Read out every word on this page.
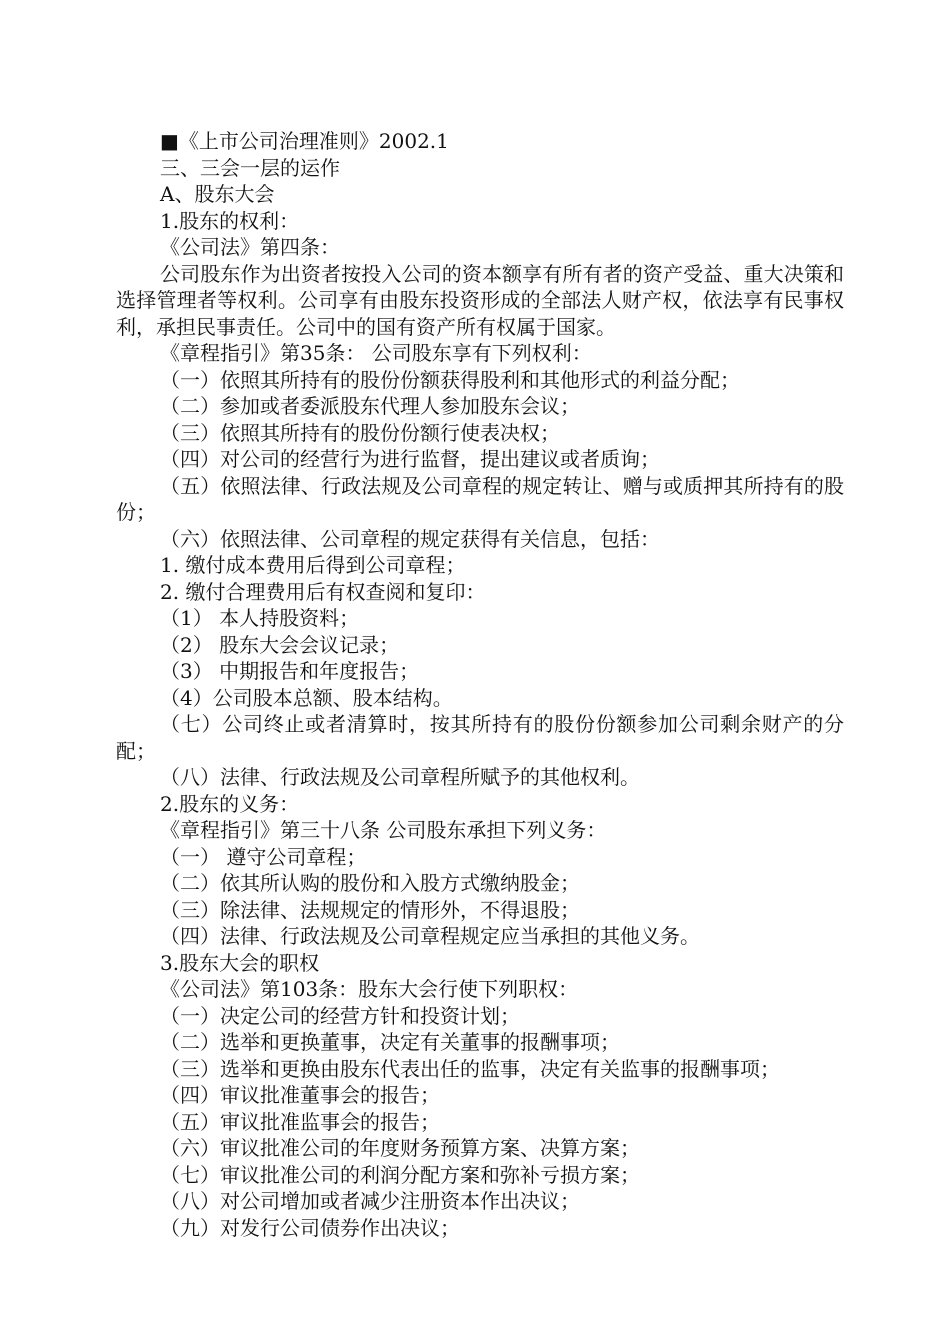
■《上市公司治理准则》2002.1
三、三会一层的运作
A、股东大会
1.股东的权利：
《公司法》第四条：

公司股东作为出资者按投入公司的资本额享有所有者的资产受益、重大决策和选择管理者等权利。公司享有由股东投资形成的全部法人财产权，依法享有民事权利，承担民事责任。公司中的国有资产所有权属于国家。

《章程指引》第35条： 公司股东享有下列权利：
（一）依照其所持有的股份份额获得股利和其他形式的利益分配；
（二）参加或者委派股东代理人参加股东会议；
（三）依照其所持有的股份份额行使表决权；
（四）对公司的经营行为进行监督，提出建议或者质询；

（五）依照法律、行政法规及公司章程的规定转让、赠与或质押其所持有的股份；

（六）依照法律、公司章程的规定获得有关信息，包括：
1. 缴付成本费用后得到公司章程；
2. 缴付合理费用后有权查阅和复印：
（1） 本人持股资料；
（2） 股东大会会议记录；
（3） 中期报告和年度报告；
（4）公司股本总额、股本结构。

（七）公司终止或者清算时，按其所持有的股份份额参加公司剩余财产的分配；

（八）法律、行政法规及公司章程所赋予的其他权利。
2.股东的义务：
《章程指引》第三十八条 公司股东承担下列义务：
（一） 遵守公司章程；
（二）依其所认购的股份和入股方式缴纳股金；
（三）除法律、法规规定的情形外，不得退股；
（四）法律、行政法规及公司章程规定应当承担的其他义务。
3.股东大会的职权
《公司法》第103条：股东大会行使下列职权：
（一）决定公司的经营方针和投资计划；
（二）选举和更换董事，决定有关董事的报酬事项；
（三）选举和更换由股东代表出任的监事，决定有关监事的报酬事项；
（四）审议批准董事会的报告；
（五）审议批准监事会的报告；
（六）审议批准公司的年度财务预算方案、决算方案；
（七）审议批准公司的利润分配方案和弥补亏损方案；
（八）对公司增加或者减少注册资本作出决议；
（九）对发行公司债券作出决议；
